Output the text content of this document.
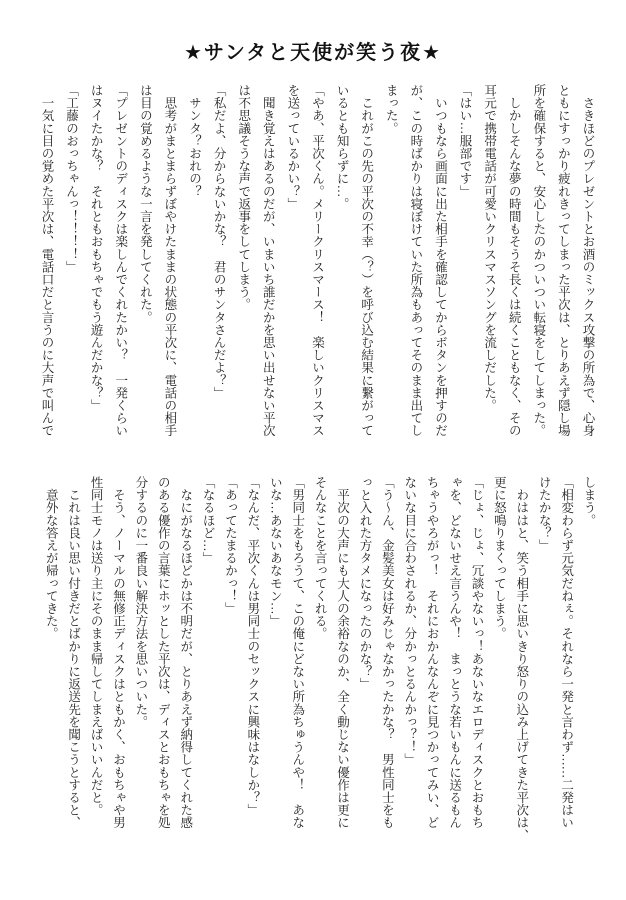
★サンタと天使が笑う夜★
　さきほどのプレゼントとお酒のミックス攻撃の所為で、心身
ともにすっかり疲れきってしまった平次は、とりあえず隠し場
所を確保すると、安心したのかついつい転寝をしてしまった。
　しかしそんな夢の時間もそうそ長くは続くこともなく、その
耳元で携帯電話が可愛いクリスマスソングを流しだした。
「はい…服部です」
　いつもなら画面に出た相手を確認してからボタンを押すのだ
が、この時ばかりは寝ぼけていた所為もあってそのまま出てし
まった。
　これがこの先の平次の不幸（？）を呼び込む結果に繋がって
いるとも知らずに…。
「やあ、平次くん。メリークリスマース！　楽しいクリスマス
を送っているかい？」
　聞き覚えはあるのだが、いまいち誰だかを思い出せない平次
は不思議そうな声で返事をしてしまう。
「私だよ、分からないかな？　君のサンタさんだよ？」
　サンタ？おれの？
　思考がまとまらずぼやけたままの状態の平次に、電話の相手
は目の覚めるような一言を発してくれた。
「プレゼントのディスクは楽しんでくれたかい？　一発くらい
はヌイたかな？　それともおもちゃでもう遊んだかな？」
「工藤のおっちゃんっ！！！！」
　一気に目の覚めた平次は、電話口だと言うのに大声で叫んで
しまう。
「相変わらず元気だねぇ。それなら一発と言わず……二発はい
けたかな？」
　わははと、笑う相手に思いきり怒りの込み上げてきた平次は、
更に怒鳴りまくってしまう。
「じょ、じょ、冗談やないっ！あないなエロディスクとおもち
ゃを、どないせえ言うんや！　まっとうな若いもんに送るもん
ちゃうやろがっ！　それにおかんなんぞに見つかってみい、ど
ないな目に合わされるか、分かっとるんかっ？！」
「う〜ん、金髪美女は好みじゃなかったかな？　男性同士をも
っと入れた方タメになったのかな？」
　平次の大声にも大人の余裕なのか、全く動じない優作は更に
そんなことを言ってくれる。
「男同士をもろうて、この俺にどない所為ちゅうんや！　あな
いな…あないあなモン…」
「なんだ、平次くんは男同士のセックスに興味はなしか？」
「あってたまるかっ！」
「なるほど…」
　なにがなるほどかは不明だが、とりあえず納得してくれた感
のある優作の言葉にホッとした平次は、ディスとおもちゃを処
分するのに一番良い解決方法を思いついた。
　そう、ノーマルの無修正ディスクはともかく、おもちゃや男
性同士モノは送り主にそのまま帰してしまえばいいんだと。
　これは良い思い付きだとばかりに返送先を聞こうとすると、
　意外な答えが帰ってきた。
